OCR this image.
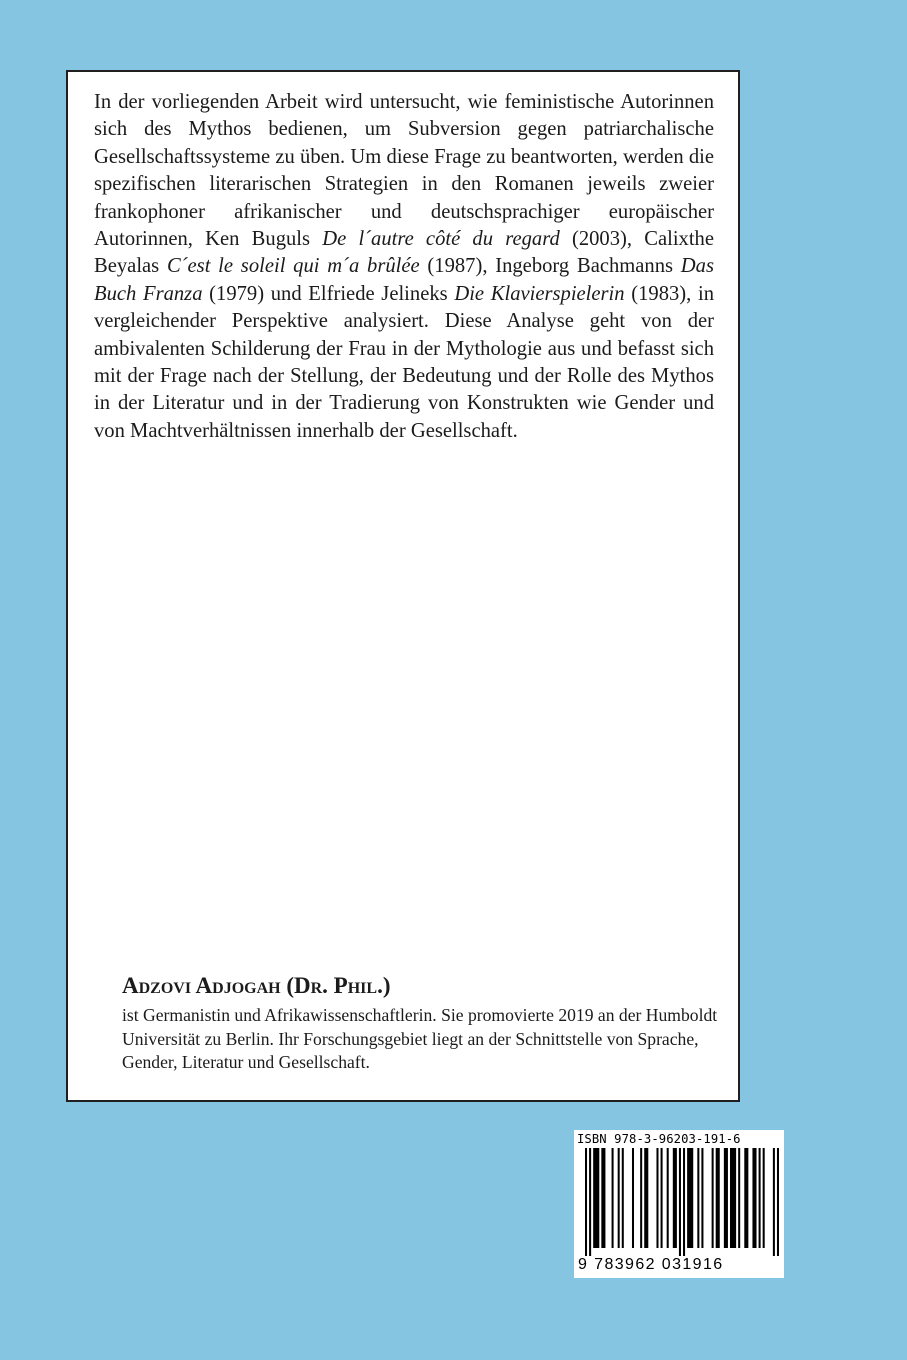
In der vorliegenden Arbeit wird untersucht, wie feministische Autorinnen sich des Mythos bedienen, um Subversion gegen patriarchalische Gesellschaftssysteme zu üben. Um diese Frage zu beantworten, werden die spezifischen literarischen Strategien in den Romanen jeweils zweier frankophoner afrikanischer und deutschsprachiger europäischer Autorinnen, Ken Buguls De l´autre côté du regard (2003), Calixthe Beyalas C´est le soleil qui m´a brûlée (1987), Ingeborg Bachmanns Das Buch Franza (1979) und Elfriede Jelineks Die Klavierspielerin (1983), in vergleichender Perspektive analysiert. Diese Analyse geht von der ambivalenten Schilderung der Frau in der Mythologie aus und befasst sich mit der Frage nach der Stellung, der Bedeutung und der Rolle des Mythos in der Literatur und in der Tradierung von Konstrukten wie Gender und von Machtverhältnissen innerhalb der Gesellschaft.

Adzovi Adjogah (Dr. Phil.)

ist Germanistin und Afrikawissenschaftlerin. Sie promovierte 2019 an der Humboldt Universität zu Berlin. Ihr Forschungsgebiet liegt an der Schnittstelle von Sprache, Gender, Literatur und Gesellschaft.

ISBN 978-3-96203-191-6
9 783962 031916
